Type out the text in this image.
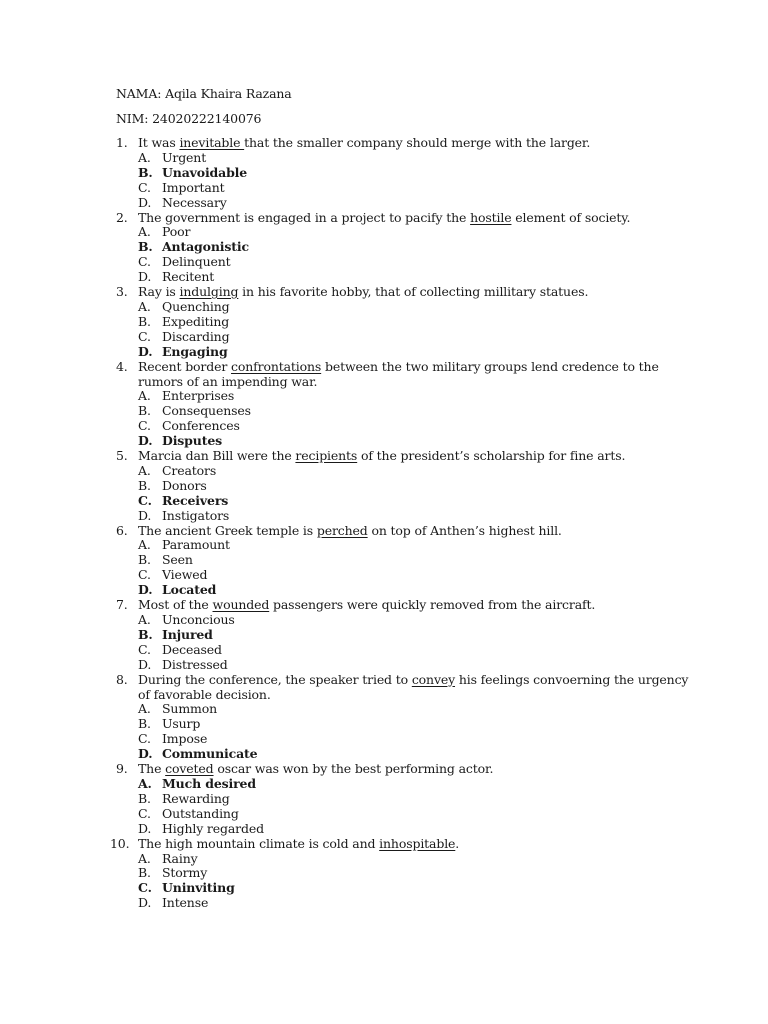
NAMA: Aqila Khaira Razana
NIM: 24020222140076
1. It was inevitable that the smaller company should merge with the larger.
A. Urgent
B. Unavoidable
C. Important
D. Necessary
2. The government is engaged in a project to pacify the hostile element of society.
A. Poor
B. Antagonistic
C. Delinquent
D. Recitent
3. Ray is indulging in his favorite hobby, that of collecting millitary statues.
A. Quenching
B. Expediting
C. Discarding
D. Engaging
4. Recent border confrontations between the two military groups lend credence to the rumors of an impending war.
A. Enterprises
B. Consequenses
C. Conferences
D. Disputes
5. Marcia dan Bill were the recipients of the president’s scholarship for fine arts.
A. Creators
B. Donors
C. Receivers
D. Instigators
6. The ancient Greek temple is perched on top of Anthen’s highest hill.
A. Paramount
B. Seen
C. Viewed
D. Located
7. Most of the wounded passengers were quickly removed from the aircraft.
A. Unconcious
B. Injured
C. Deceased
D. Distressed
8. During the conference, the speaker tried to convey his feelings convoerning the urgency of favorable decision.
A. Summon
B. Usurp
C. Impose
D. Communicate
9. The coveted oscar was won by the best performing actor.
A. Much desired
B. Rewarding
C. Outstanding
D. Highly regarded
10. The high mountain climate is cold and inhospitable.
A. Rainy
B. Stormy
C. Uninviting
D. Intense
